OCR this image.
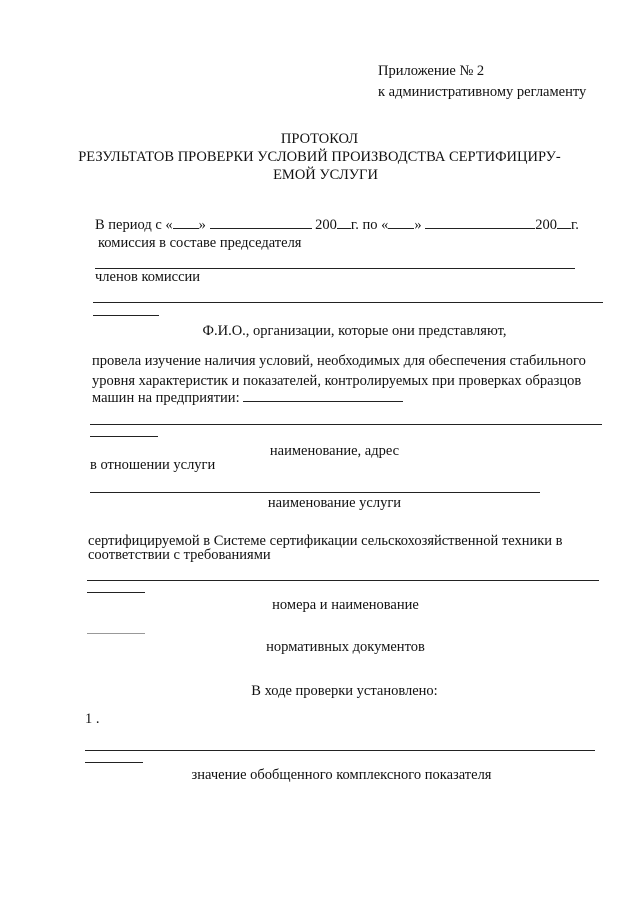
Приложение № 2
к административному регламенту
ПРОТОКОЛ
РЕЗУЛЬТАТОВ ПРОВЕРКИ УСЛОВИЙ ПРОИЗВОДСТВА СЕРТИФИЦИРУ-
ЕМОЙ УСЛУГИ
В период с « »	200 г. по « »	200 г.
комиссия в составе председателя
членов комиссии
Ф.И.О., организации, которые они представляют,
провела изучение наличия условий, необходимых для обеспечения стабильного
уровня характеристик и показателей, контролируемых при проверках образцов
машин на предприятии:
наименование, адрес
в отношении услуги
наименование услуги
сертифицируемой в Системе сертификации сельскохозяйственной техники в
соответствии с требованиями
номера и наименование
нормативных документов
В ходе проверки установлено:
1 .
значение обобщенного комплексного показателя
